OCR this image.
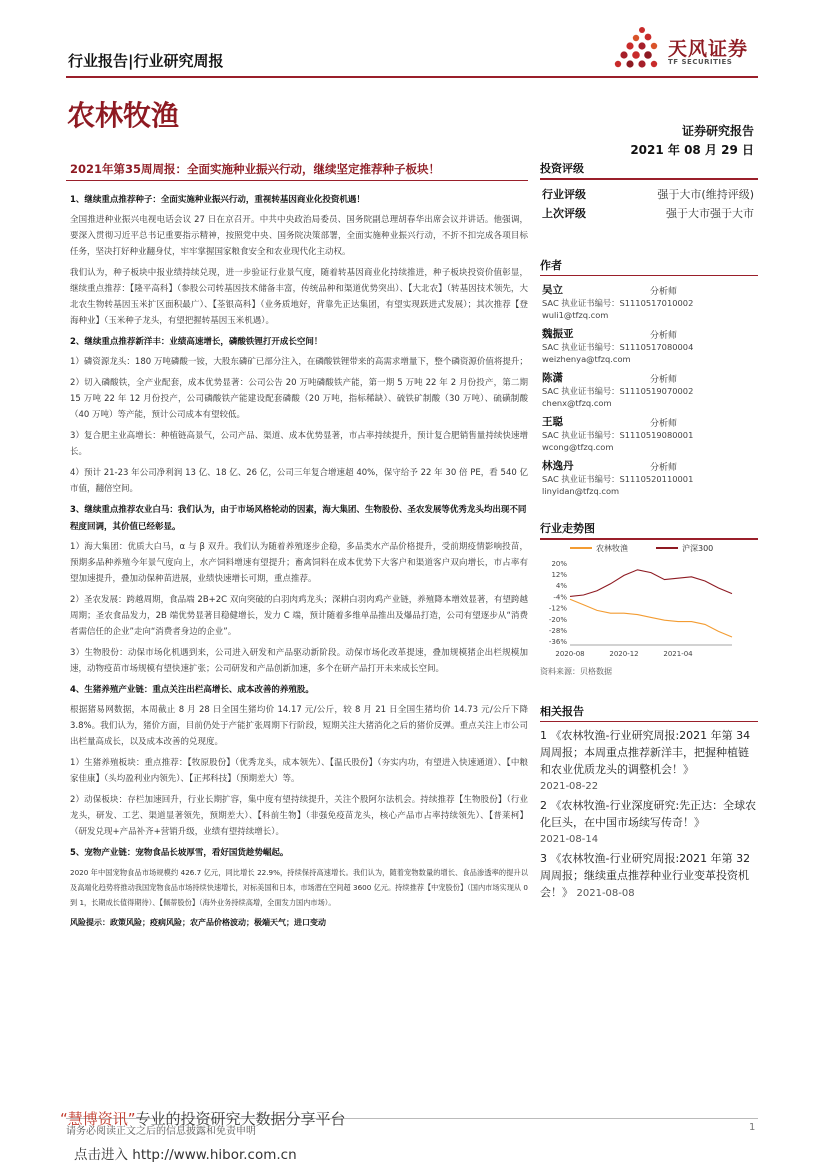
行业报告|行业研究周报
天风证券
TF SECURITIES
农林牧渔	证券研究报告
2021 年 08 月 29 日
2021年第35周周报：全面实施种业振兴行动，继续坚定推荐种子板块！
1、继续重点推荐种子：全面实施种业振兴行动，重视转基因商业化投资机遇！
全国推进种业振兴电视电话会议 27 日在京召开。中共中央政治局委员、国务院副总理胡春华出席会议并讲话。他强调，要深入贯彻习近平总书记重要指示精神，按照党中央、国务院决策部署，全面实施种业振兴行动，不折不扣完成各项目标任务，坚决打好种业翻身仗，牢牢掌握国家粮食安全和农业现代化主动权。
我们认为，种子板块中报业绩持续兑现，进一步验证行业景气度，随着转基因商业化持续推进，种子板块投资价值彰显，继续重点推荐：【隆平高科】（参股公司转基因技术储备丰富，传统品种和渠道优势突出）、【大北农】（转基因技术领先，大北农生物转基因玉米扩区面积最广）、【荃银高科】（业务质地好，背靠先正达集团，有望实现跃进式发展）；其次推荐【登海种业】（玉米种子龙头，有望把握转基因玉米机遇）。
2、继续重点推荐新洋丰：业绩高速增长，磷酸铁锂打开成长空间！
1）磷资源龙头：180 万吨磷酸一铵，大股东磷矿已部分注入，在磷酸铁锂带来的高需求增量下，整个磷资源价值将提升；
2）切入磷酸铁，全产业配套，成本优势显著：公司公告 20 万吨磷酸铁产能，第一期 5 万吨 22 年 2 月份投产，第二期 15 万吨 22 年 12 月份投产，公司磷酸铁产能建设配套磷酸（20 万吨，指标稀缺）、硫铁矿制酸（30 万吨）、硫磺制酸（40 万吨）等产能，预计公司成本有望较低。
3）复合肥主业高增长：种植链高景气，公司产品、渠道、成本优势显著，市占率持续提升，预计复合肥销售量持续快速增长。
4）预计 21-23 年公司净利润 13 亿、18 亿、26 亿，公司三年复合增速超 40%，保守给予 22 年 30 倍 PE，看 540 亿市值，翻倍空间。
3、继续重点推荐农业白马：我们认为，由于市场风格轮动的因素，海大集团、生物股份、圣农发展等优秀龙头均出现不同程度回调，其价值已经彰显。
1）海大集团：优质大白马，α 与 β 双升。我们认为随着养殖逐步企稳，多品类水产品价格提升，受前期疫情影响投苗，预期多品种养殖今年景气度向上，水产饲料增速有望提升；畜禽饲料在成本优势下大客户和渠道客户双向增长，市占率有望加速提升，叠加动保种苗进展，业绩快速增长可期，重点推荐。
2）圣农发展：跨越周期，食品端 2B+2C 双向突破的白羽肉鸡龙头；深耕白羽肉鸡产业链，养殖降本增效显著，有望跨越周期；圣农食品发力，2B 端优势显著目稳健增长，发力 C 端，预计随着多维单品推出及爆品打造，公司有望逐步从“消费者需信任的企业”走向“消费者身边的企业”。
3）生物股份：动保市场化机遇到来，公司进入研发和产品驱动新阶段。动保市场化改革提速，叠加规模猪企出栏规模加速，动物疫苗市场规模有望快速扩张；公司研发和产品创新加速，多个在研产品打开未来成长空间。
4、生猪养殖产业链：重点关注出栏高增长、成本改善的养殖股。
根据猪易网数据，本周截止 8 月 28 日全国生猪均价 14.17 元/公斤，较 8 月 21 日全国生猪均价 14.73 元/公斤下降 3.8%。我们认为，猪价方面，目前仍处于产能扩张周期下行阶段，短期关注大猪消化之后的猪价反弹。重点关注上市公司出栏量高成长，以及成本改善的兑现度。
1）生猪养殖板块：重点推荐：【牧原股份】（优秀龙头，成本领先）、【温氏股份】（夯实内功，有望进入快速通道）、【中粮家佳康】（头均盈利业内领先）、【正邦科技】（预期差大）等。
2）动保板块：存栏加速回升，行业长期扩容，集中度有望持续提升，关注个股阿尔法机会。持续推荐【生物股份】（行业龙头，研发、工艺、渠道显著领先，预期差大）、【科前生物】（非强免疫苗龙头，核心产品市占率持续领先）、【普莱柯】（研发兑现+产品补齐+营销升级，业绩有望持续增长）。
5、宠物产业链：宠物食品长坡厚雪，看好国货趁势崛起。
2020 年中国宠物食品市场规模约 426.7 亿元，同比增长 22.9%，持续保持高速增长。我们认为，随着宠物数量的增长、食品渗透率的提升以及高端化趋势将推动我国宠物食品市场持续快速增长，对标美国和日本，市场潜在空间超 3600 亿元。持续推荐【中宠股份】（国内市场实现从 0 到 1，长期成长值得期待）、【佩蒂股份】（海外业务持续高增，全面发力国内市场）。
风险提示：政策风险；疫病风险；农产品价格波动；极端天气；进口变动
投资评级
行业评级	强于大市(维持评级)
上次评级	强于大市强于大市
作者
吴立	分析师
SAC 执业证书编号：S1110517010002
wuli1@tfzq.com
魏振亚	分析师
SAC 执业证书编号：S1110517080004
weizhenya@tfzq.com
陈潇	分析师
SAC 执业证书编号：S1110519070002
chenx@tfzq.com
王聪	分析师
SAC 执业证书编号：S1110519080001
wcong@tfzq.com
林逸丹	分析师
SAC 执业证书编号：S1110520110001
linyidan@tfzq.com
行业走势图
农林牧渔	沪深300
20%
12%
4%
-4%
-12%
-20%
-28%
-36%
2020-08	2020-12	2021-04
资料来源：贝格数据
相关报告
1 《农林牧渔-行业研究周报:2021 年第 34 周周报；本周重点推荐新洋丰，把握种植链和农业优质龙头的调整机会！》
2021-08-22
2 《农林牧渔-行业深度研究:先正达：全球农化巨头，在中国市场续写传奇！》
2021-08-14
3 《农林牧渔-行业研究周报:2021 年第 32 周周报；继续重点推荐种业行业变革投资机会！》 2021-08-08
请务必阅读正文之后的信息披露和免责申明	1
“慧博资讯”专业的投资研究大数据分享平台
点击进入 http://www.hibor.com.cn
